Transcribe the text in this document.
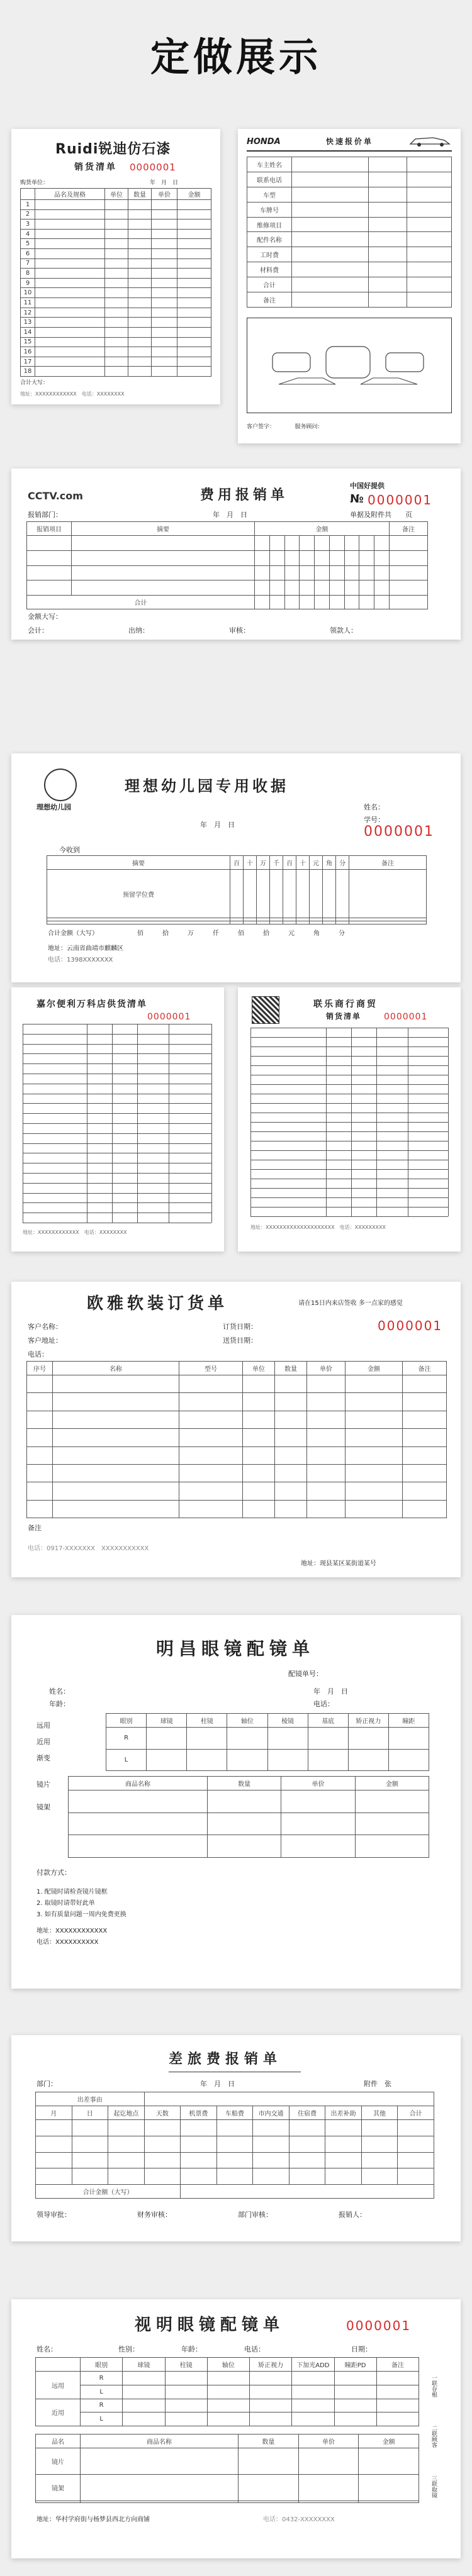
定做展示
Ruidi锐迪仿石漆
销货清单 0000001
购货单位：	年　月　日
	品名及规格	单位	数量	单价	金额
1					
2					
3					
4					
5					
6					
7					
8					
9					
10					
11					
12					
13					
14					
15					
16					
17					
18					
合计大写：
地址：XXXXXXXXXXXX　电话：XXXXXXXX
HONDA	快速报价单
车主姓名			
联系电话			
车型			
车牌号			
维修项目			
配件名称			
工时费			
材料费			
合计			
备注			
客户签字：　　　　服务顾问：
CCTV.com	费用报销单
中国好提供
№ 0000001
报销部门：	年　月　日	单据及附件共　　页
报销项目	摘要	金额									备注

合计											
金额大写：
会计：	出纳：	审核：	领款人：
理想幼儿园
理想幼儿园专用收据
年　月　日
姓名：
学号：
0000001
今收到
摘要	百	十	万	千	百	十	元	角	分	备注
预留学位费										

合计金额（大写）	佰	拾	万	仟	佰	拾	元	角	分
地址：云南省曲靖市麒麟区
电话：1398XXXXXXX
嘉尔便利万科店供货清单
0000001
地址：XXXXXXXXXXXX　电话：XXXXXXXX
联乐商行商贸
销货清单	0000001
地址：XXXXXXXXXXXXXXXXXXXX　电话：XXXXXXXXX
欧雅软装订货单	请在15日内来店签收 多一点家的感觉
客户名称：	订货日期：	0000001
客户地址：	送货日期：
电话：
序号	名称	型号	单位	数量	单价	金额	备注

备注
电话：0917-XXXXXXX　XXXXXXXXXXX
地址：现县某区某街道某号
明昌眼镜配镜单
配镜单号：
姓名：	年　月　日
年龄：	电话：
远用
近用
渐变
眼别	球镜	柱镜	轴位	棱镜	基底	矫正视力	瞳距
R							
L							
镜片
镜架
商品名称	数量	单价	金额

付款方式：
1. 配镜时请检查镜片镜框
2. 取镜时请带好此单
3. 如有质量问题一周内免费更换
地址：XXXXXXXXXXXX
电话：XXXXXXXXXX
差旅费报销单
部门：	年　月　日	附件　张
出差事由										
月	日	起讫地点	天数	机票费	车船费	市内交通	住宿费	出差补助	其他	合计

合计金额（大写）										
领导审批：	财务审核：	部门审核：	报销人：
视明眼镜配镜单	0000001
姓名：	性别：	年龄：	电话：	日期：
	眼别	球镜	柱镜	轴位	矫正视力	下加光ADD	瞳距PD	备注
远用	R							
	L							
近用	R							
	L							
品名	商品名称	数量	单价	金额
镜片				
镜架				

一联存根
二联顾客
三联取镜
地址：华村学府街与杨梦县西北方向商铺	电话：0432-XXXXXXXX
